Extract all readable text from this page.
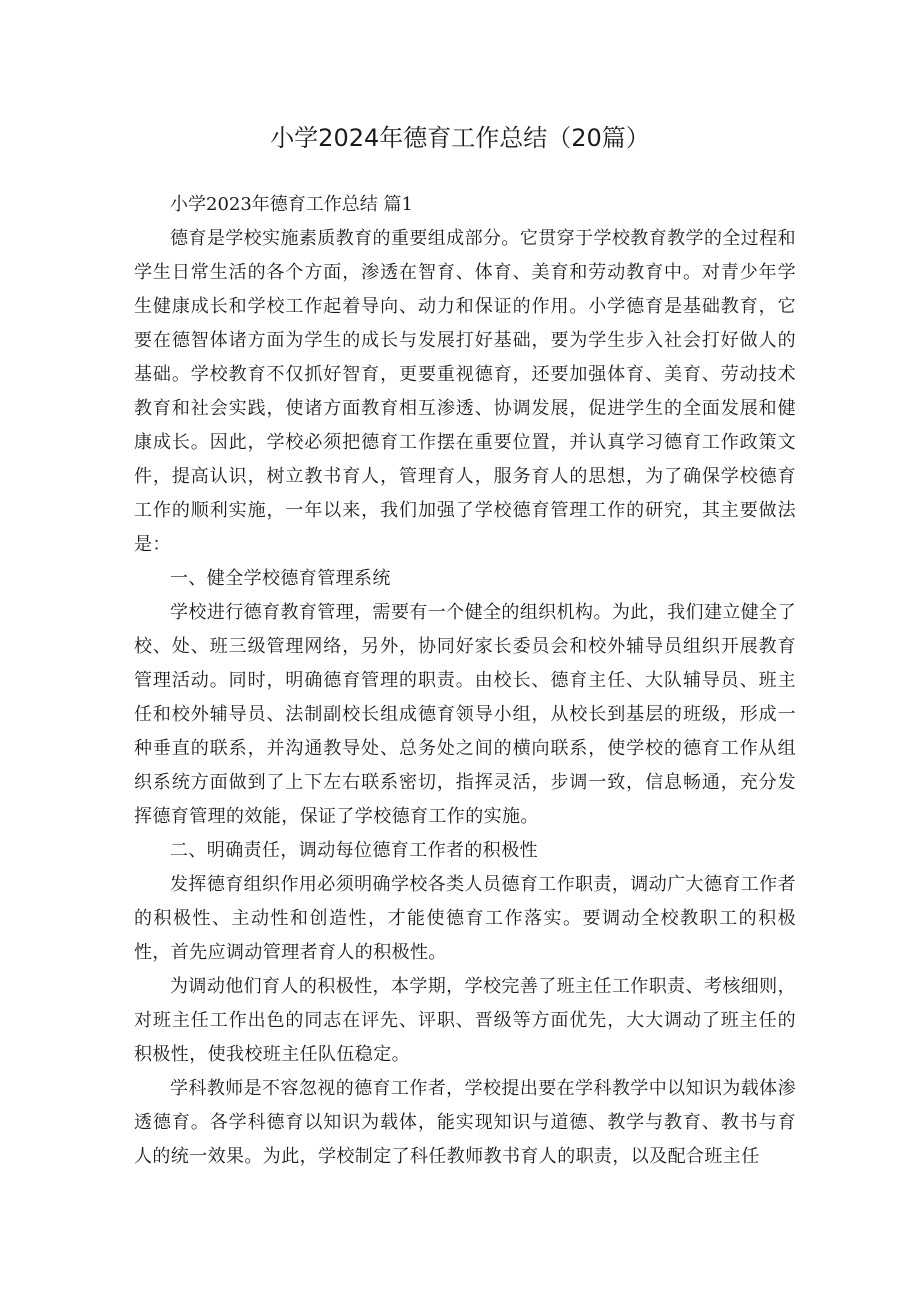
小学2024年德育工作总结（20篇）

小学2023年德育工作总结 篇1

德育是学校实施素质教育的重要组成部分。它贯穿于学校教育教学的全过程和学生日常生活的各个方面，渗透在智育、体育、美育和劳动教育中。对青少年学生健康成长和学校工作起着导向、动力和保证的作用。小学德育是基础教育，它要在德智体诸方面为学生的成长与发展打好基础，要为学生步入社会打好做人的基础。学校教育不仅抓好智育，更要重视德育，还要加强体育、美育、劳动技术教育和社会实践，使诸方面教育相互渗透、协调发展，促进学生的全面发展和健康成长。因此，学校必须把德育工作摆在重要位置，并认真学习德育工作政策文件，提高认识，树立教书育人，管理育人，服务育人的思想，为了确保学校德育工作的顺利实施，一年以来，我们加强了学校德育管理工作的研究，其主要做法是：

一、健全学校德育管理系统

学校进行德育教育管理，需要有一个健全的组织机构。为此，我们建立健全了校、处、班三级管理网络，另外，协同好家长委员会和校外辅导员组织开展教育管理活动。同时，明确德育管理的职责。由校长、德育主任、大队辅导员、班主任和校外辅导员、法制副校长组成德育领导小组，从校长到基层的班级，形成一种垂直的联系，并沟通教导处、总务处之间的横向联系，使学校的德育工作从组织系统方面做到了上下左右联系密切，指挥灵活，步调一致，信息畅通，充分发挥德育管理的效能，保证了学校德育工作的实施。

二、明确责任，调动每位德育工作者的积极性

发挥德育组织作用必须明确学校各类人员德育工作职责，调动广大德育工作者的积极性、主动性和创造性，才能使德育工作落实。要调动全校教职工的积极性，首先应调动管理者育人的积极性。

为调动他们育人的积极性，本学期，学校完善了班主任工作职责、考核细则，对班主任工作出色的同志在评先、评职、晋级等方面优先，大大调动了班主任的积极性，使我校班主任队伍稳定。

学科教师是不容忽视的德育工作者，学校提出要在学科教学中以知识为载体渗透德育。各学科德育以知识为载体，能实现知识与道德、教学与教育、教书与育人的统一效果。为此，学校制定了科任教师教书育人的职责，以及配合班主任
